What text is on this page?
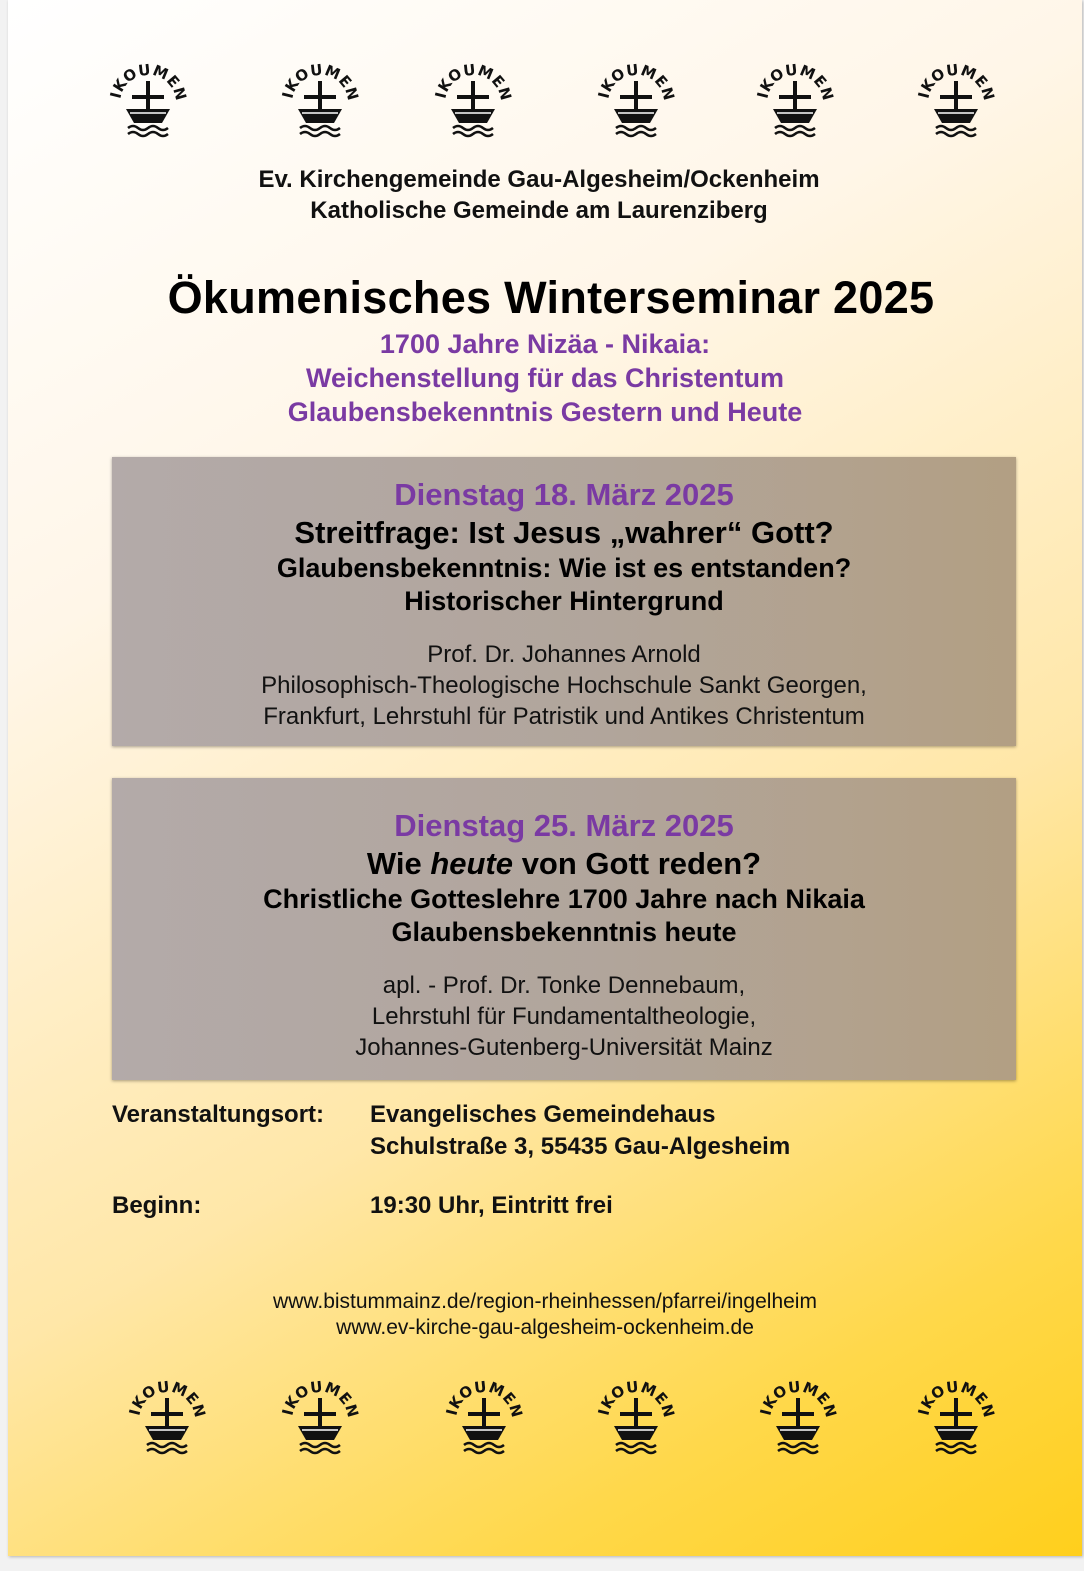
Ev. Kirchengemeinde Gau-Algesheim/Ockenheim
Katholische Gemeinde am Laurenziberg
Ökumenisches Winterseminar 2025
1700 Jahre Nizäa - Nikaia:
Weichenstellung für das Christentum
Glaubensbekenntnis Gestern und Heute
Dienstag 18. März 2025
Streitfrage: Ist Jesus „wahrer“ Gott?
Glaubensbekenntnis: Wie ist es entstanden?
Historischer Hintergrund
Prof. Dr. Johannes Arnold
Philosophisch-Theologische Hochschule Sankt Georgen,
Frankfurt, Lehrstuhl für Patristik und Antikes Christentum
Dienstag 25. März 2025
Wie heute von Gott reden?
Christliche Gotteslehre 1700 Jahre nach Nikaia
Glaubensbekenntnis heute
apl. - Prof. Dr. Tonke Dennebaum,
Lehrstuhl für Fundamentaltheologie,
Johannes-Gutenberg-Universität Mainz
Veranstaltungsort: Evangelisches Gemeindehaus
Schulstraße 3, 55435 Gau-Algesheim
Beginn:	19:30 Uhr, Eintritt frei
www.bistummainz.de/region-rheinhessen/pfarrei/ingelheim
www.ev-kirche-gau-algesheim-ockenheim.de
